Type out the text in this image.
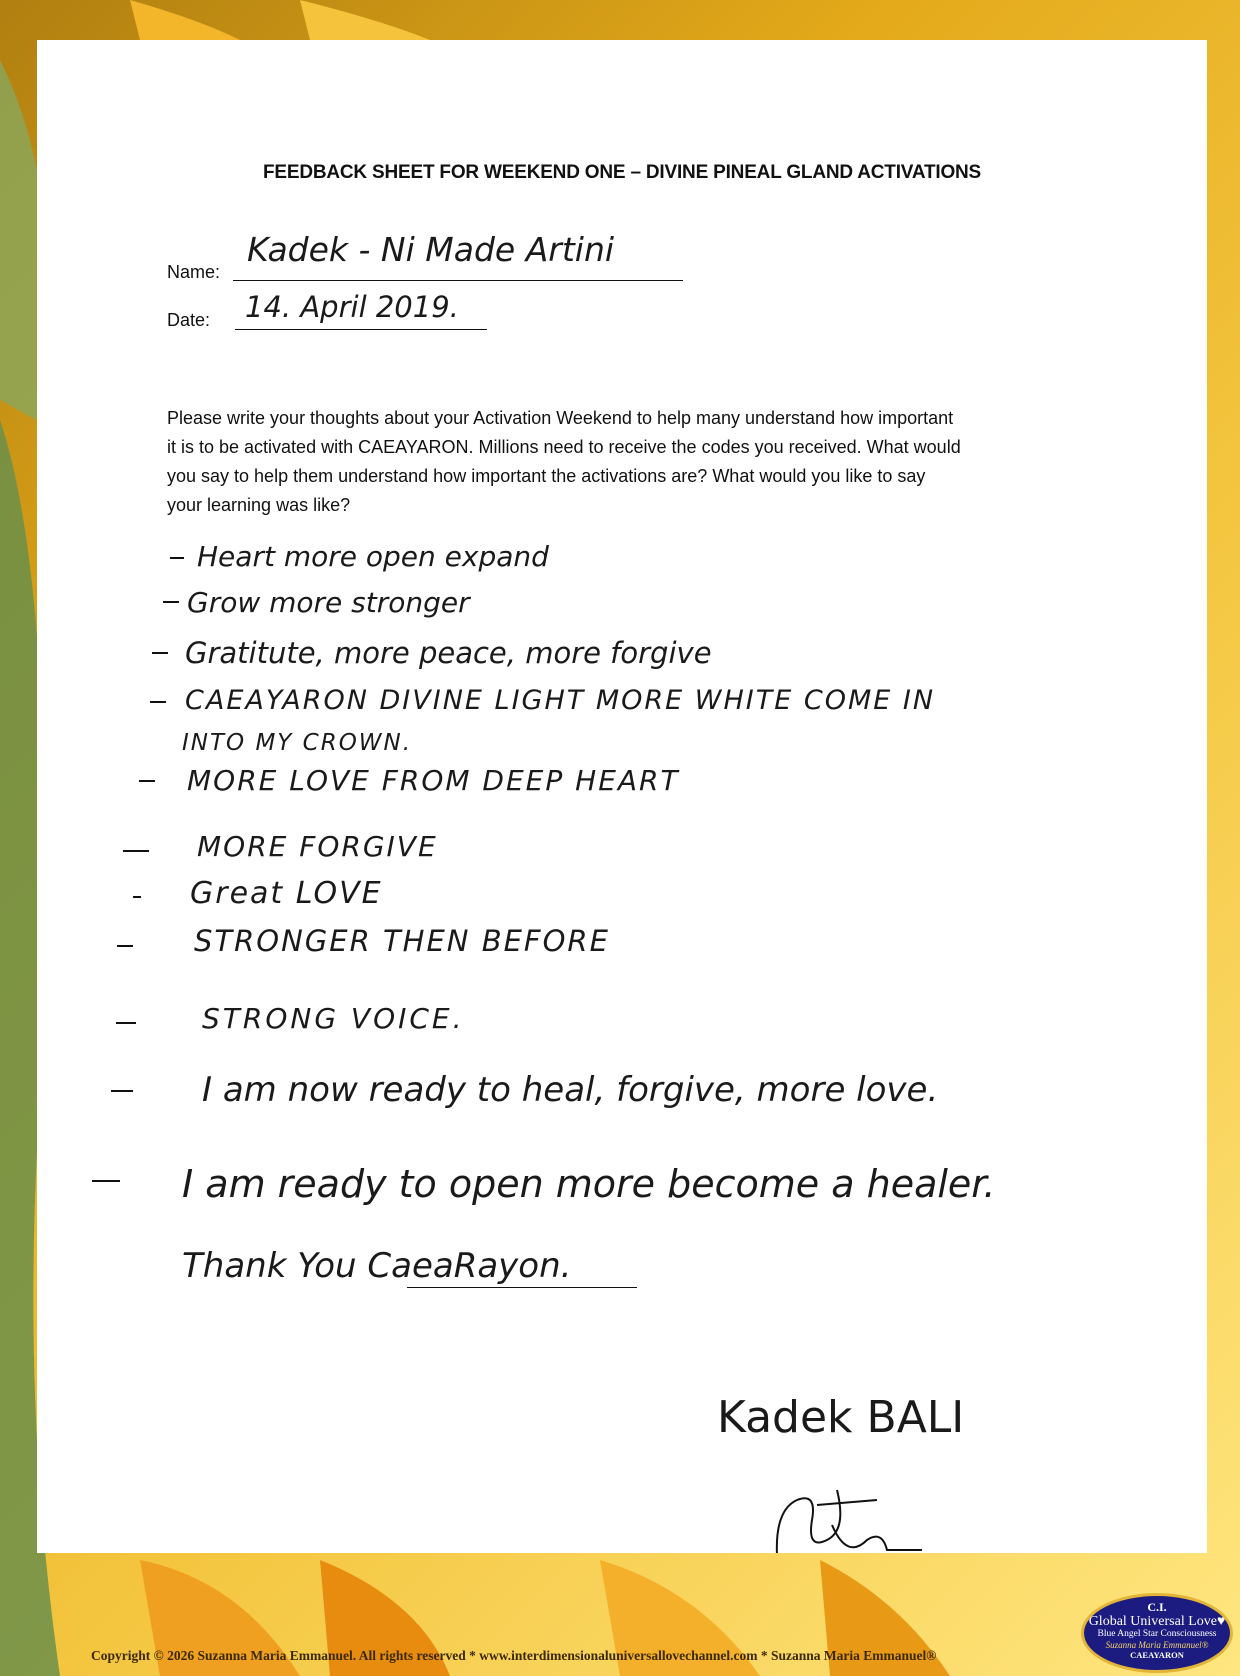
FEEDBACK SHEET FOR WEEKEND ONE – DIVINE PINEAL GLAND ACTIVATIONS
Name:
Kadek - Ni Made Artini
Date: 14. April 2019.
Please write your thoughts about your Activation Weekend to help many understand how important
it is to be activated with CAEAYARON. Millions need to receive the codes you received. What would
you say to help them understand how important the activations are? What would you like to say
your learning was like?
Heart more open expand
Grow more stronger
Gratitute, more peace, more forgive
CAEAYARON DIVINE LIGHT MORE WHITE COME IN
INTO MY CROWN.
MORE LOVE FROM DEEP HEART
MORE FORGIVE
Great LOVE
STRONGER THEN BEFORE
STRONG VOICE.
I am now ready to heal, forgive, more love.
I am ready to open more become a healer.
Thank You CaeaRayon.
Kadek BALI
Copyright © 2026 Suzanna Maria Emmanuel. All rights reserved * www.interdimensionaluniversallovechannel.com * Suzanna Maria Emmanuel®
C.I.
Global Universal Love♥
Blue Angel Star Consciousness
Suzanna Maria Emmanuel®
CAEAYARON
